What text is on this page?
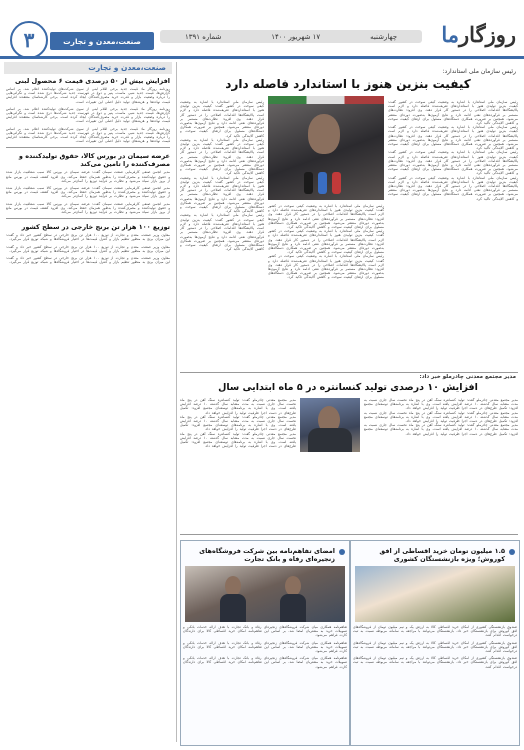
روزگارما
چهارشنبه
۱۷ شهریور ۱۴۰۰
شماره ۱۳۹۱
صنعت،معدن و تجارت
۳
صنعت،معدن و تجارت
افزایش بیش از ۵۰ درصدی قیمت ۶ محصول لبنی
روزنامه روزگار ما: قیمت جدید برخی اقلام لبنی از سوی شرکت‌های تولیدکننده اعلام شد. بر اساس گزارش‌ها، قیمت جدید شیر، ماست، پنیر و دوغ در فهرست جدید شرکت‌ها درج شده است و نگرانی‌هایی را درباره وضعیت بازار و قدرت خرید مصرف‌کنندگان ایجاد کرده است. برخی کارشناسان معتقدند افزایش قیمت نهاده‌ها و هزینه‌های تولید دلیل اصلی این تغییرات است.
روزنامه روزگار ما: قیمت جدید برخی اقلام لبنی از سوی شرکت‌های تولیدکننده اعلام شد. بر اساس گزارش‌ها، قیمت جدید شیر، ماست، پنیر و دوغ در فهرست جدید شرکت‌ها درج شده است و نگرانی‌هایی را درباره وضعیت بازار و قدرت خرید مصرف‌کنندگان ایجاد کرده است. برخی کارشناسان معتقدند افزایش قیمت نهاده‌ها و هزینه‌های تولید دلیل اصلی این تغییرات است.
روزنامه روزگار ما: قیمت جدید برخی اقلام لبنی از سوی شرکت‌های تولیدکننده اعلام شد. بر اساس گزارش‌ها، قیمت جدید شیر، ماست، پنیر و دوغ در فهرست جدید شرکت‌ها درج شده است و نگرانی‌هایی را درباره وضعیت بازار و قدرت خرید مصرف‌کنندگان ایجاد کرده است. برخی کارشناسان معتقدند افزایش قیمت نهاده‌ها و هزینه‌های تولید دلیل اصلی این تغییرات است.
عرضه سیمان در بورس کالا، حقوق تولیدکننده و مصرف‌کننده را تامین می‌کند
مدیر انجمن صنفی کارفرمایی صنعت سیمان گفت: عرضه سیمان در بورس کالا سبب شفافیت بازار شده و حقوق تولیدکننده و مصرف‌کننده را به‌طور همزمان حفظ می‌کند. وی افزود کشف قیمت در بورس مانع از بروز بازار سیاه می‌شود و نظارت بر فرآیند توزیع را آسان‌تر می‌کند.
مدیر انجمن صنفی کارفرمایی صنعت سیمان گفت: عرضه سیمان در بورس کالا سبب شفافیت بازار شده و حقوق تولیدکننده و مصرف‌کننده را به‌طور همزمان حفظ می‌کند. وی افزود کشف قیمت در بورس مانع از بروز بازار سیاه می‌شود و نظارت بر فرآیند توزیع را آسان‌تر می‌کند.
مدیر انجمن صنفی کارفرمایی صنعت سیمان گفت: عرضه سیمان در بورس کالا سبب شفافیت بازار شده و حقوق تولیدکننده و مصرف‌کننده را به‌طور همزمان حفظ می‌کند. وی افزود کشف قیمت در بورس مانع از بروز بازار سیاه می‌شود و نظارت بر فرآیند توزیع را آسان‌تر می‌کند.
توزیع ۱۰۰ هزار تن برنج خارجی در سطح کشور
معاون وزیر صنعت، معدن و تجارت از توزیع ۱۰۰ هزار تن برنج خارجی در سطح کشور خبر داد و گفت: این میزان برنج به منظور تنظیم بازار و کنترل قیمت‌ها در اختیار فروشگاه‌ها و شبکه توزیع قرار می‌گیرد.
معاون وزیر صنعت، معدن و تجارت از توزیع ۱۰۰ هزار تن برنج خارجی در سطح کشور خبر داد و گفت: این میزان برنج به منظور تنظیم بازار و کنترل قیمت‌ها در اختیار فروشگاه‌ها و شبکه توزیع قرار می‌گیرد.
معاون وزیر صنعت، معدن و تجارت از توزیع ۱۰۰ هزار تن برنج خارجی در سطح کشور خبر داد و گفت: این میزان برنج به منظور تنظیم بازار و کنترل قیمت‌ها در اختیار فروشگاه‌ها و شبکه توزیع قرار می‌گیرد.
رئیس سازمان ملی استاندارد:
کیفیت بنزین هنوز با استاندارد فاصله دارد
رئیس سازمان ملی استاندارد با اشاره به وضعیت کیفی سوخت در کشور گفت: کیفیت بنزین تولیدی هنوز با استانداردهای تعریف‌شده فاصله دارد و لازم است پالایشگاه‌ها اقدامات اصلاحی را در دستور کار قرار دهند. وی افزود: نظارت‌های مستمر بر فرآورده‌های نفتی ادامه دارد و نتایج آزمون‌ها به‌صورت دوره‌ای منتشر می‌شود. همچنین بر ضرورت همکاری دستگاه‌های مسئول برای ارتقای کیفیت سوخت و کاهش آلایندگی تاکید کرد.
رئیس سازمان ملی استاندارد با اشاره به وضعیت کیفی سوخت در کشور گفت: کیفیت بنزین تولیدی هنوز با استانداردهای تعریف‌شده فاصله دارد و لازم است پالایشگاه‌ها اقدامات اصلاحی را در دستور کار قرار دهند. وی افزود: نظارت‌های مستمر بر فرآورده‌های نفتی ادامه دارد و نتایج آزمون‌ها به‌صورت دوره‌ای منتشر می‌شود. همچنین بر ضرورت همکاری دستگاه‌های مسئول برای ارتقای کیفیت سوخت و کاهش آلایندگی تاکید کرد.
رئیس سازمان ملی استاندارد با اشاره به وضعیت کیفی سوخت در کشور گفت: کیفیت بنزین تولیدی هنوز با استانداردهای تعریف‌شده فاصله دارد و لازم است پالایشگاه‌ها اقدامات اصلاحی را در دستور کار قرار دهند. وی افزود: نظارت‌های مستمر بر فرآورده‌های نفتی ادامه دارد و نتایج آزمون‌ها به‌صورت دوره‌ای منتشر می‌شود. همچنین بر ضرورت همکاری دستگاه‌های مسئول برای ارتقای کیفیت سوخت و کاهش آلایندگی تاکید کرد.
رئیس سازمان ملی استاندارد با اشاره به وضعیت کیفی سوخت در کشور گفت: کیفیت بنزین تولیدی هنوز با استانداردهای تعریف‌شده فاصله دارد و لازم است پالایشگاه‌ها اقدامات اصلاحی را در دستور کار قرار دهند. وی افزود: نظارت‌های مستمر بر فرآورده‌های نفتی ادامه دارد و نتایج آزمون‌ها به‌صورت دوره‌ای منتشر می‌شود. همچنین بر ضرورت همکاری دستگاه‌های مسئول برای ارتقای کیفیت سوخت و کاهش آلایندگی تاکید کرد.
رئیس سازمان ملی استاندارد با اشاره به وضعیت کیفی سوخت در کشور گفت: کیفیت بنزین تولیدی هنوز با استانداردهای تعریف‌شده فاصله دارد و لازم است پالایشگاه‌ها اقدامات اصلاحی را در دستور کار قرار دهند. وی افزود: نظارت‌های مستمر بر فرآورده‌های نفتی ادامه دارد و نتایج آزمون‌ها به‌صورت دوره‌ای منتشر می‌شود. همچنین بر ضرورت همکاری دستگاه‌های مسئول برای ارتقای کیفیت سوخت و کاهش آلایندگی تاکید کرد.
رئیس سازمان ملی استاندارد با اشاره به وضعیت کیفی سوخت در کشور گفت: کیفیت بنزین تولیدی هنوز با استانداردهای تعریف‌شده فاصله دارد و لازم است پالایشگاه‌ها اقدامات اصلاحی را در دستور کار قرار دهند. وی افزود: نظارت‌های مستمر بر فرآورده‌های نفتی ادامه دارد و نتایج آزمون‌ها به‌صورت دوره‌ای منتشر می‌شود. همچنین بر ضرورت همکاری دستگاه‌های مسئول برای ارتقای کیفیت سوخت و کاهش آلایندگی تاکید کرد.
رئیس سازمان ملی استاندارد با اشاره به وضعیت کیفی سوخت در کشور گفت: کیفیت بنزین تولیدی هنوز با استانداردهای تعریف‌شده فاصله دارد و لازم است پالایشگاه‌ها اقدامات اصلاحی را در دستور کار قرار دهند. وی افزود: نظارت‌های مستمر بر فرآورده‌های نفتی ادامه دارد و نتایج آزمون‌ها به‌صورت دوره‌ای منتشر می‌شود. همچنین بر ضرورت همکاری دستگاه‌های مسئول برای ارتقای کیفیت سوخت و کاهش آلایندگی تاکید کرد.
رئیس سازمان ملی استاندارد با اشاره به وضعیت کیفی سوخت در کشور گفت: کیفیت بنزین تولیدی هنوز با استانداردهای تعریف‌شده فاصله دارد و لازم است پالایشگاه‌ها اقدامات اصلاحی را در دستور کار قرار دهند. وی افزود: نظارت‌های مستمر بر فرآورده‌های نفتی ادامه دارد و نتایج آزمون‌ها به‌صورت دوره‌ای منتشر می‌شود. همچنین بر ضرورت همکاری دستگاه‌های مسئول برای ارتقای کیفیت سوخت و کاهش آلایندگی تاکید کرد.
رئیس سازمان ملی استاندارد با اشاره به وضعیت کیفی سوخت در کشور گفت: کیفیت بنزین تولیدی هنوز با استانداردهای تعریف‌شده فاصله دارد و لازم است پالایشگاه‌ها اقدامات اصلاحی را در دستور کار قرار دهند. وی افزود: نظارت‌های مستمر بر فرآورده‌های نفتی ادامه دارد و نتایج آزمون‌ها به‌صورت دوره‌ای منتشر می‌شود. همچنین بر ضرورت همکاری دستگاه‌های مسئول برای ارتقای کیفیت سوخت و کاهش آلایندگی تاکید کرد.
رئیس سازمان ملی استاندارد با اشاره به وضعیت کیفی سوخت در کشور گفت: کیفیت بنزین تولیدی هنوز با استانداردهای تعریف‌شده فاصله دارد و لازم است پالایشگاه‌ها اقدامات اصلاحی را در دستور کار قرار دهند. وی افزود: نظارت‌های مستمر بر فرآورده‌های نفتی ادامه دارد و نتایج آزمون‌ها به‌صورت دوره‌ای منتشر می‌شود. همچنین بر ضرورت همکاری دستگاه‌های مسئول برای ارتقای کیفیت سوخت و کاهش آلایندگی تاکید کرد.
رئیس سازمان ملی استاندارد با اشاره به وضعیت کیفی سوخت در کشور گفت: کیفیت بنزین تولیدی هنوز با استانداردهای تعریف‌شده فاصله دارد و لازم است پالایشگاه‌ها اقدامات اصلاحی را در دستور کار قرار دهند. وی افزود: نظارت‌های مستمر بر فرآورده‌های نفتی ادامه دارد و نتایج آزمون‌ها به‌صورت دوره‌ای منتشر می‌شود. همچنین بر ضرورت همکاری دستگاه‌های مسئول برای ارتقای کیفیت سوخت و کاهش آلایندگی تاکید کرد.
مدیر مجتمع معدنی چادرملو خبر داد:
افزایش ۱۰ درصدی تولید کنسانتره در ۵ ماه ابتدایی سال
مدیر مجتمع معدنی چادرملو گفت: تولید کنسانتره سنگ آهن در پنج ماه نخست سال جاری نسبت به مدت مشابه سال گذشته ۱۰ درصد افزایش یافته است. وی با اشاره به برنامه‌های توسعه‌ای مجتمع افزود: تکمیل طرح‌های در دست اجرا ظرفیت تولید را افزایش خواهد داد.
مدیر مجتمع معدنی چادرملو گفت: تولید کنسانتره سنگ آهن در پنج ماه نخست سال جاری نسبت به مدت مشابه سال گذشته ۱۰ درصد افزایش یافته است. وی با اشاره به برنامه‌های توسعه‌ای مجتمع افزود: تکمیل طرح‌های در دست اجرا ظرفیت تولید را افزایش خواهد داد.
مدیر مجتمع معدنی چادرملو گفت: تولید کنسانتره سنگ آهن در پنج ماه نخست سال جاری نسبت به مدت مشابه سال گذشته ۱۰ درصد افزایش یافته است. وی با اشاره به برنامه‌های توسعه‌ای مجتمع افزود: تکمیل طرح‌های در دست اجرا ظرفیت تولید را افزایش خواهد داد.
مدیر مجتمع معدنی چادرملو گفت: تولید کنسانتره سنگ آهن در پنج ماه نخست سال جاری نسبت به مدت مشابه سال گذشته ۱۰ درصد افزایش یافته است. وی با اشاره به برنامه‌های توسعه‌ای مجتمع افزود: تکمیل طرح‌های در دست اجرا ظرفیت تولید را افزایش خواهد داد.
مدیر مجتمع معدنی چادرملو گفت: تولید کنسانتره سنگ آهن در پنج ماه نخست سال جاری نسبت به مدت مشابه سال گذشته ۱۰ درصد افزایش یافته است. وی با اشاره به برنامه‌های توسعه‌ای مجتمع افزود: تکمیل طرح‌های در دست اجرا ظرفیت تولید را افزایش خواهد داد.
مدیر مجتمع معدنی چادرملو گفت: تولید کنسانتره سنگ آهن در پنج ماه نخست سال جاری نسبت به مدت مشابه سال گذشته ۱۰ درصد افزایش یافته است. وی با اشاره به برنامه‌های توسعه‌ای مجتمع افزود: تکمیل طرح‌های در دست اجرا ظرفیت تولید را افزایش خواهد داد.
امضای تفاهم‌نامه بین شرکت فروشگاه‌های زنجیره‌ای رفاه و بانک تجارت
تفاهم‌نامه همکاری میان شرکت فروشگاه‌های زنجیره‌ای رفاه و بانک تجارت با هدف ارائه خدمات بانکی و تسهیلات خرید به مشتریان امضا شد. بر اساس این تفاهم‌نامه امکان خرید اقساطی کالا برای دارندگان کارت فراهم می‌شود.
تفاهم‌نامه همکاری میان شرکت فروشگاه‌های زنجیره‌ای رفاه و بانک تجارت با هدف ارائه خدمات بانکی و تسهیلات خرید به مشتریان امضا شد. بر اساس این تفاهم‌نامه امکان خرید اقساطی کالا برای دارندگان کارت فراهم می‌شود.
تفاهم‌نامه همکاری میان شرکت فروشگاه‌های زنجیره‌ای رفاه و بانک تجارت با هدف ارائه خدمات بانکی و تسهیلات خرید به مشتریان امضا شد. بر اساس این تفاهم‌نامه امکان خرید اقساطی کالا برای دارندگان کارت فراهم می‌شود.
۱.۵ میلیون تومان خرید اقساطی از افق کوروش؛ ویژه بازنشستگان کشوری
صندوق بازنشستگی کشوری از امکان خرید اقساطی کالا به ارزش یک و نیم میلیون تومان از فروشگاه‌های افق کوروش برای بازنشستگان خبر داد. بازنشستگان می‌توانند با مراجعه به سامانه مربوطه نسبت به ثبت درخواست اقدام کنند.
صندوق بازنشستگی کشوری از امکان خرید اقساطی کالا به ارزش یک و نیم میلیون تومان از فروشگاه‌های افق کوروش برای بازنشستگان خبر داد. بازنشستگان می‌توانند با مراجعه به سامانه مربوطه نسبت به ثبت درخواست اقدام کنند.
صندوق بازنشستگی کشوری از امکان خرید اقساطی کالا به ارزش یک و نیم میلیون تومان از فروشگاه‌های افق کوروش برای بازنشستگان خبر داد. بازنشستگان می‌توانند با مراجعه به سامانه مربوطه نسبت به ثبت درخواست اقدام کنند.
